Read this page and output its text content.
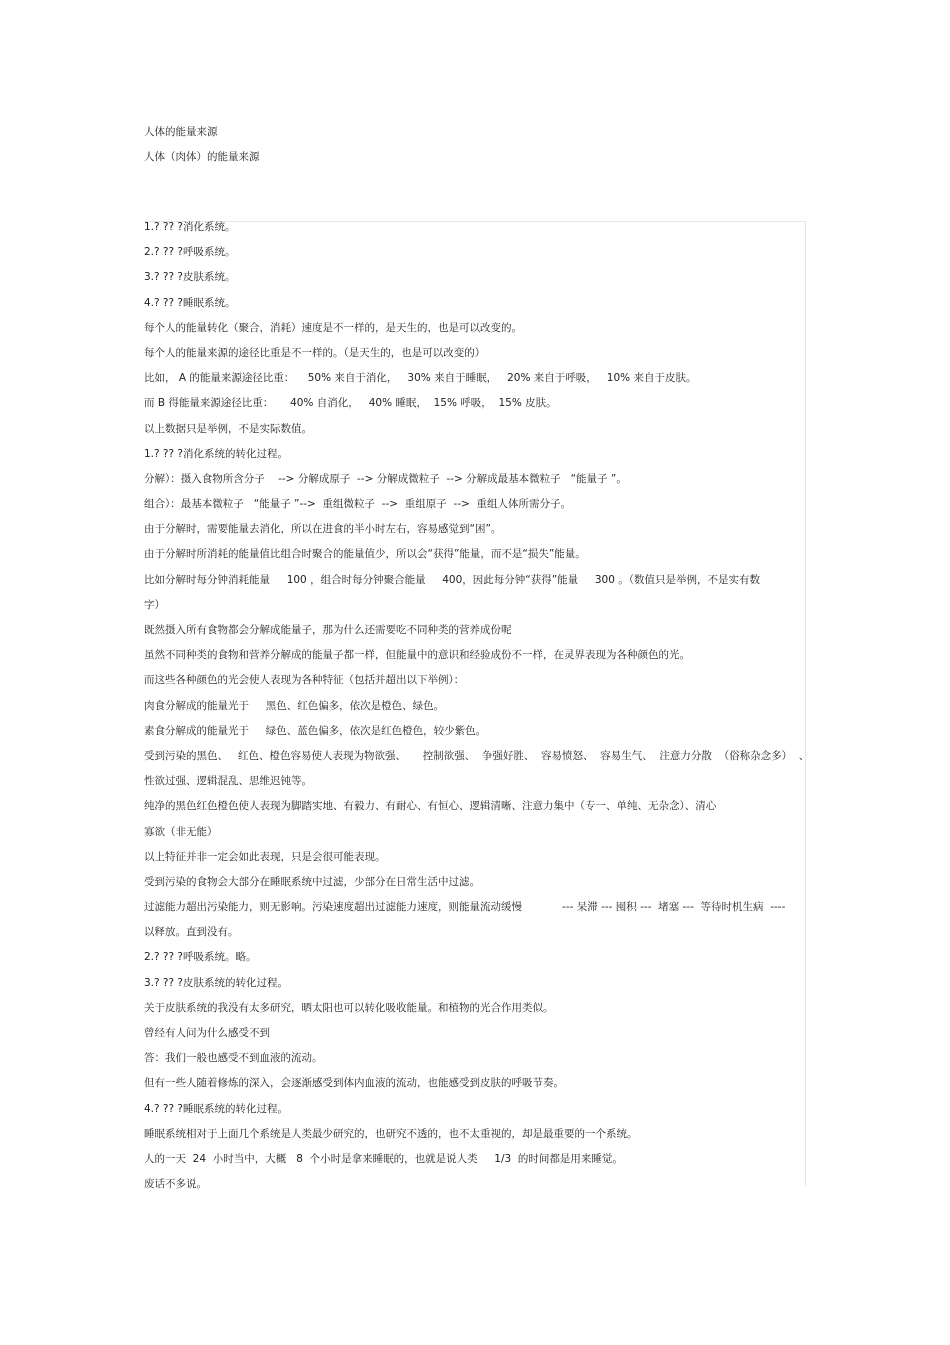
人体的能量来源
人体（肉体）的能量来源
1.? ?? ?消化系统。
2.? ?? ?呼吸系统。
3.? ?? ?皮肤系统。
4.? ?? ?睡眠系统。
每个人的能量转化（聚合，消耗）速度是不一样的，是天生的，也是可以改变的。
每个人的能量来源的途径比重是不一样的。（是天生的，也是可以改变的）
比如， A 的能量来源途径比重：    50% 来自于消化，   30% 来自于睡眠，   20% 来自于呼吸，   10% 来自于皮肤。
而 B 得能量来源途径比重：     40% 自消化，   40% 睡眠，  15% 呼吸，  15% 皮肤。
以上数据只是举例，不是实际数值。
1.? ?? ?消化系统的转化过程。
分解）：摄入食物所含分子    --> 分解成原子  --> 分解成微粒子  --> 分解成最基本微粒子   “能量子 ”。
组合）：最基本微粒子   “能量子 ”-->  重组微粒子  -->  重组原子  -->  重组人体所需分子。
由于分解时，需要能量去消化，所以在进食的半小时左右，容易感觉到“困”。
由于分解时所消耗的能量值比组合时聚合的能量值少，所以会“获得”能量，而不是“损失”能量。
比如分解时每分钟消耗能量     100 ，组合时每分钟聚合能量     400，因此每分钟“获得”能量     300 。（数值只是举例，不是实有数
字）
既然摄入所有食物都会分解成能量子，那为什么还需要吃不同种类的营养成份呢
虽然不同种类的食物和营养分解成的能量子都一样，但能量中的意识和经验成份不一样，在灵界表现为各种颜色的光。
而这些各种颜色的光会使人表现为各种特征（包括并超出以下举例）：
肉食分解成的能量光于     黑色、红色偏多，依次是橙色、绿色。
素食分解成的能量光于     绿色、蓝色偏多，依次是红色橙色，较少紫色。
受到污染的黑色、   红色、橙色容易使人表现为物欲强、     控制欲强、  争强好胜、  容易愤怒、  容易生气、  注意力分散  （俗称杂念多）  、
性欲过强、逻辑混乱、思维迟钝等。
纯净的黑色红色橙色使人表现为脚踏实地、有毅力、有耐心、有恒心、逻辑清晰、注意力集中（专一、单纯、无杂念）、清心
寡欲（非无能）
以上特征并非一定会如此表现，只是会很可能表现。
受到污染的食物会大部分在睡眠系统中过滤，少部分在日常生活中过滤。
过滤能力超出污染能力，则无影响。污染速度超出过滤能力速度，则能量流动缓慢            --- 呆滞 --- 囤积 ---  堵塞 ---  等待时机生病  ----
以释放。直到没有。
2.? ?? ?呼吸系统。略。
3.? ?? ?皮肤系统的转化过程。
关于皮肤系统的我没有太多研究，晒太阳也可以转化吸收能量。和植物的光合作用类似。
曾经有人问为什么感受不到
答：我们一般也感受不到血液的流动。
但有一些人随着修炼的深入，会逐渐感受到体内血液的流动，也能感受到皮肤的呼吸节奏。
4.? ?? ?睡眠系统的转化过程。
睡眠系统相对于上面几个系统是人类最少研究的，也研究不透的，也不太重视的，却是最重要的一个系统。
人的一天  24  小时当中，大概   8  个小时是拿来睡眠的，也就是说人类     1/3  的时间都是用来睡觉。
废话不多说。
